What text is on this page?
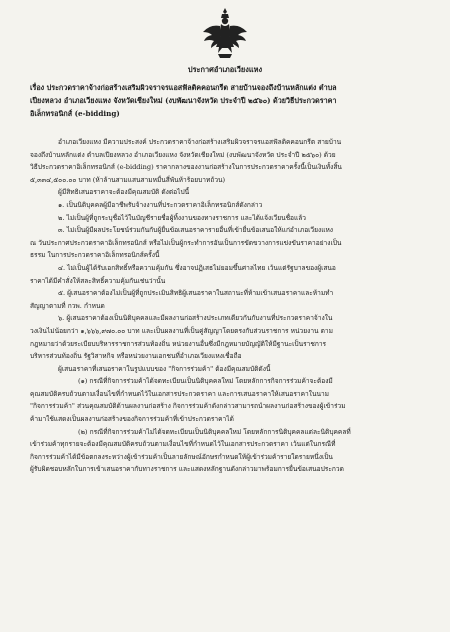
ประกาศอำเภอเวียงแหง
เรื่อง ประกวดราคาจ้างก่อสร้างเสริมผิวจราจรแอสฟัลติคคอนกรีต สายบ้านจองถึงบ้านหลักแต่ง ตำบล
เปียงหลวง อำเภอเวียงแหง จังหวัดเชียงใหม่ (งบพัฒนาจังหวัด ประจำปี ๒๕๖๐) ด้วยวิธีประกวดราคา
อิเล็กทรอนิกส์ (e-bidding)
อำเภอเวียงแหง มีความประสงค์ ประกวดราคาจ้างก่อสร้างเสริมผิวจราจรแอสฟัลติคคอนกรีต สายบ้าน
จองถึงบ้านหลักแต่ง ตำบลเปียงหลวง อำเภอเวียงแหง จังหวัดเชียงใหม่ (งบพัฒนาจังหวัด ประจำปี ๒๕๖๐) ด้วย
วิธีประกวดราคาอิเล็กทรอนิกส์ (e-bidding) ราคากลางของงานก่อสร้างในการประกวดราคาครั้งนี้เป็นเงินทั้งสิ้น
๕,๓๓๔,๕๐๐.๐๐ บาท (ห้าล้านสามแสนสามหมื่นสี่พันห้าร้อยบาทถ้วน)
ผู้มีสิทธิเสนอราคาจะต้องมีคุณสมบัติ ดังต่อไปนี้
๑. เป็นนิติบุคคลผู้มีอาชีพรับจ้างงานที่ประกวดราคาอิเล็กทรอนิกส์ดังกล่าว
๒. ไม่เป็นผู้ที่ถูกระบุชื่อไว้ในบัญชีรายชื่อผู้ทิ้งงานของทางราชการ และได้แจ้งเวียนชื่อแล้ว
๓. ไม่เป็นผู้มีผลประโยชน์ร่วมกันกับผู้ยื่นข้อเสนอราคารายอื่นที่เข้ายื่นข้อเสนอให้แก่อำเภอเวียงแหง
ณ วันประกาศประกวดราคาอิเล็กทรอนิกส์ หรือไม่เป็นผู้กระทำการอันเป็นการขัดขวางการแข่งขันราคาอย่างเป็น
ธรรม ในการประกวดราคาอิเล็กทรอนิกส์ครั้งนี้
๔. ไม่เป็นผู้ได้รับเอกสิทธิ์หรือความคุ้มกัน ซึ่งอาจปฏิเสธไม่ยอมขึ้นศาลไทย เว้นแต่รัฐบาลของผู้เสนอ
ราคาได้มีคำสั่งให้สละสิทธิ์ความคุ้มกันเช่นว่านั้น
๕. ผู้เสนอราคาต้องไม่เป็นผู้ที่ถูกประเมินสิทธิผู้เสนอราคาในสถานะที่ห้ามเข้าเสนอราคาและห้ามทำ
สัญญาตามที่ กวพ. กำหนด
๖. ผู้เสนอราคาต้องเป็นนิติบุคคลและมีผลงานก่อสร้างประเภทเดียวกันกับงานที่ประกวดราคาจ้างใน
วงเงินไม่น้อยกว่า ๑,๖๖๖,๙๗๐.๐๐ บาท และเป็นผลงานที่เป็นคู่สัญญาโดยตรงกับส่วนราชการ หน่วยงาน ตาม
กฎหมายว่าด้วยระเบียบบริหารราชการส่วนท้องถิ่น หน่วยงานอื่นซึ่งมีกฎหมายบัญญัติให้มีฐานะเป็นราชการ
บริหารส่วนท้องถิ่น รัฐวิสาหกิจ หรือหน่วยงานเอกชนที่อำเภอเวียงแหงเชื่อถือ
ผู้เสนอราคาที่เสนอราคาในรูปแบบของ "กิจการร่วมค้า" ต้องมีคุณสมบัติดังนี้
(๑) กรณีที่กิจการร่วมค้าได้จดทะเบียนเป็นนิติบุคคลใหม่ โดยหลักการกิจการร่วมค้าจะต้องมี
คุณสมบัติครบถ้วนตามเงื่อนไขที่กำหนดไว้ในเอกสารประกวดราคา และการเสนอราคาให้เสนอราคาในนาม
"กิจการร่วมค้า" ส่วนคุณสมบัติด้านผลงานก่อสร้าง กิจการร่วมค้าดังกล่าวสามารถนำผลงานก่อสร้างของผู้เข้าร่วม
ค้ามาใช้แสดงเป็นผลงานก่อสร้างของกิจการร่วมค้าที่เข้าประกวดราคาได้
(๒) กรณีที่กิจการร่วมค้าไม่ได้จดทะเบียนเป็นนิติบุคคลใหม่ โดยหลักการนิติบุคคลแต่ละนิติบุคคลที่
เข้าร่วมค้าทุกรายจะต้องมีคุณสมบัติครบถ้วนตามเงื่อนไขที่กำหนดไว้ในเอกสารประกวดราคา เว้นแต่ในกรณีที่
กิจการร่วมค้าได้มีข้อตกลงระหว่างผู้เข้าร่วมค้าเป็นลายลักษณ์อักษรกำหนดให้ผู้เข้าร่วมค้ารายใดรายหนึ่งเป็น
ผู้รับผิดชอบหลักในการเข้าเสนอราคากับทางราชการ และแสดงหลักฐานดังกล่าวมาพร้อมการยื่นข้อเสนอประกวด
